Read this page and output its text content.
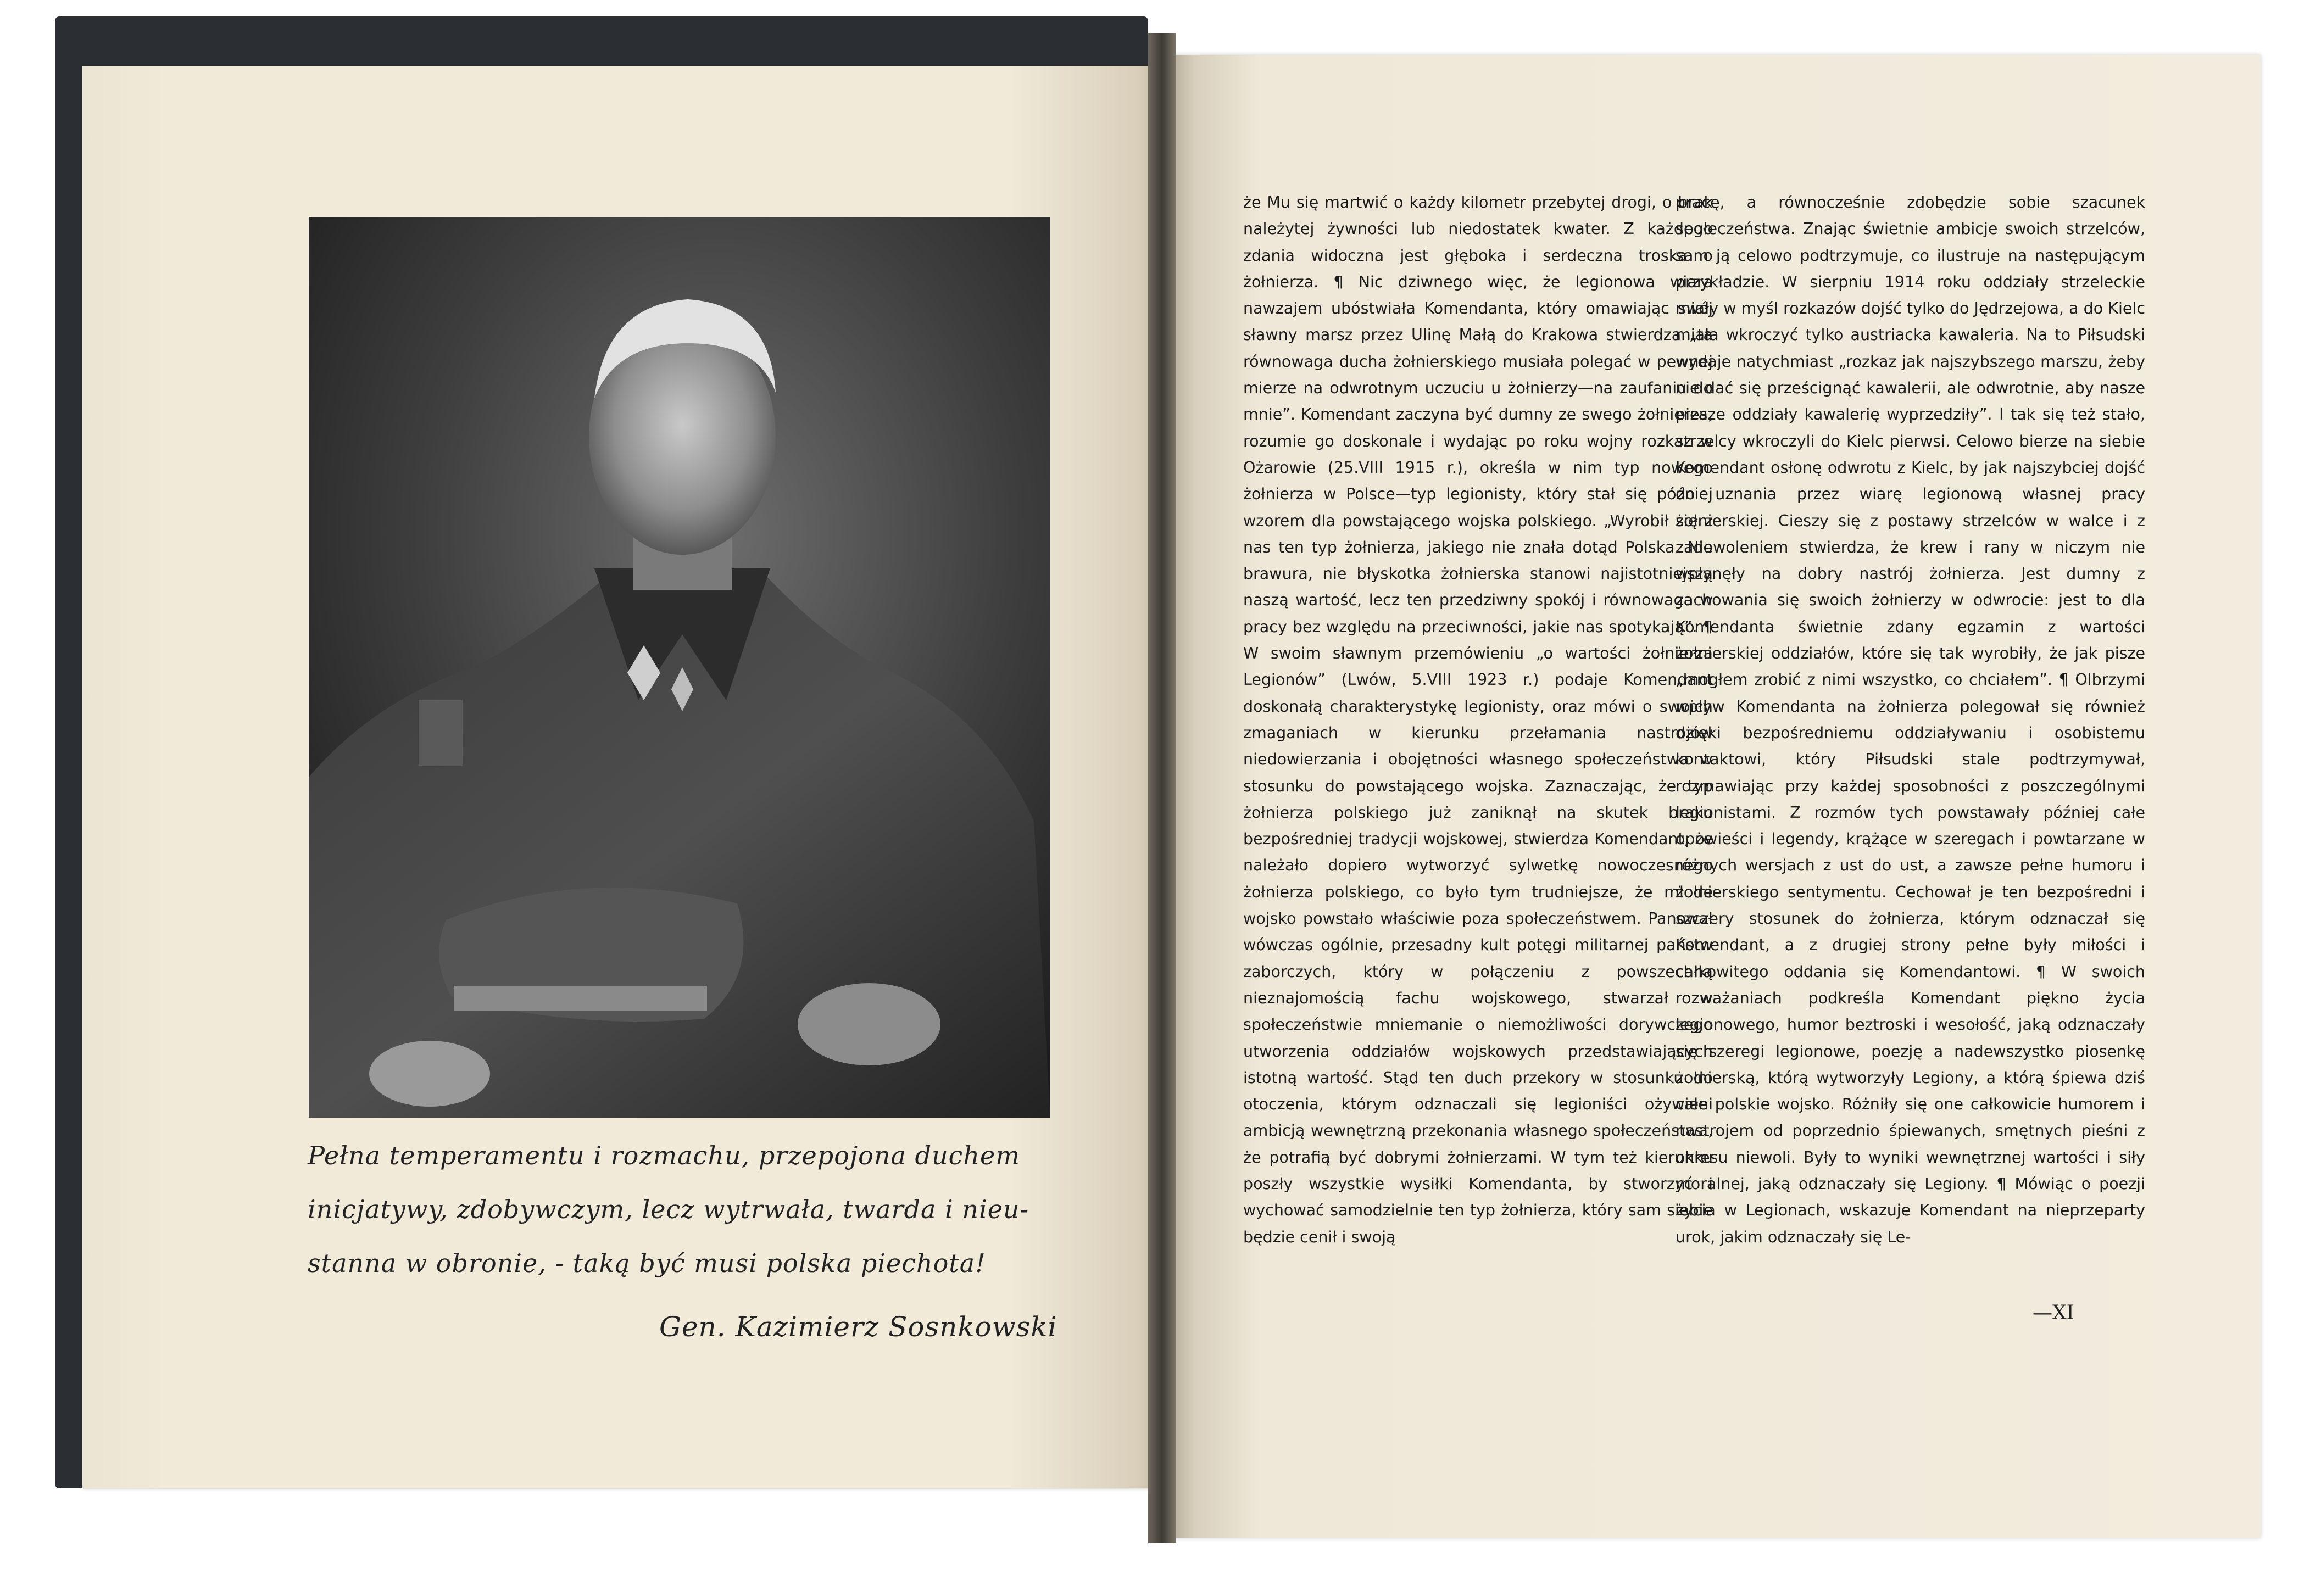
Pełna temperamentu i rozmachu, przepojona duchem
inicjatywy, zdobywczym, lecz wytrwała, twarda i nieu-
stanna w obronie, - taką być musi polska piechota!
Gen. Kazimierz Sosnkowski
że Mu się martwić o każdy kilometr przebytej drogi, o brak należytej żywności lub niedostatek kwater. Z każdego zdania widoczna jest głęboka i serdeczna troska o żołnierza. ¶ Nic dziwnego więc, że legionowa wiara nawzajem ubóstwiała Komendanta, który omawiając swój sławny marsz przez Ulinę Małą do Krakowa stwierdza „ta równowaga ducha żołnierskiego musiała polegać w pewnej mierze na odwrotnym uczuciu u żołnierzy—na zaufaniu do mnie”. Komendant zaczyna być dumny ze swego żołnierza, rozumie go doskonale i wydając po roku wojny rozkaz w Ożarowie (25.VIII 1915 r.), określa w nim typ nowego żołnierza w Polsce—typ legionisty, który stał się później wzorem dla powstającego wojska polskiego. „Wyrobił się z nas ten typ żołnierza, jakiego nie znała dotąd Polska. Nie brawura, nie błyskotka żołnierska stanowi najistotniejszą naszą wartość, lecz ten przedziwny spokój i równowaga w pracy bez względu na przeciwności, jakie nas spotykają”. ¶ W swoim sławnym przemówieniu „o wartości żołnierza Legionów” (Lwów, 5.VIII 1923 r.) podaje Komendant doskonałą charakterystykę legionisty, oraz mówi o swoich zmaganiach w kierunku przełamania nastrojów niedowierzania i obojętności własnego społeczeństwa w stosunku do powstającego wojska. Zaznaczając, że typ żołnierza polskiego już zaniknął na skutek braku bezpośredniej tradycji wojskowej, stwierdza Komendant, że należało dopiero wytworzyć sylwetkę nowoczesnego żołnierza polskiego, co było tym trudniejsze, że młode wojsko powstało właściwie poza społeczeństwem. Panował wówczas ogólnie, przesadny kult potęgi militarnej państw zaborczych, który w połączeniu z powszechną nieznajomością fachu wojskowego, stwarzał w społeczeństwie mniemanie o niemożliwości dorywczego utworzenia oddziałów wojskowych przedstawiających istotną wartość. Stąd ten duch przekory w stosunku do otoczenia, którym odznaczali się legioniści ożywieni ambicją wewnętrzną przekonania własnego społeczeństwa, że potrafią być dobrymi żołnierzami. W tym też kierunku poszły wszystkie wysiłki Komendanta, by stworzyć i wychować samodzielnie ten typ żołnierza, który sam siebie będzie cenił i swoją
pracę, a równocześnie zdobędzie sobie szacunek społeczeństwa. Znając świetnie ambicje swoich strzelców, sam ją celowo podtrzymuje, co ilustruje na następującym przykładzie. W sierpniu 1914 roku oddziały strzeleckie miały w myśl rozkazów dojść tylko do Jędrzejowa, a do Kielc miała wkroczyć tylko austriacka kawaleria. Na to Piłsudski wydaje natychmiast „rozkaz jak najszybszego marszu, żeby nie dać się prześcignąć kawalerii, ale odwrotnie, aby nasze piesze oddziały kawalerię wyprzedziły”. I tak się też stało, strzelcy wkroczyli do Kielc pierwsi. Celowo bierze na siebie Komendant osłonę odwrotu z Kielc, by jak najszybciej dojść do uznania przez wiarę legionową własnej pracy żołnierskiej. Cieszy się z postawy strzelców w walce i z zadowoleniem stwierdza, że krew i rany w niczym nie wpłynęły na dobry nastrój żołnierza. Jest dumny z zachowania się swoich żołnierzy w odwrocie: jest to dla Komendanta świetnie zdany egzamin z wartości żołnierskiej oddziałów, które się tak wyrobiły, że jak pisze „mogłem zrobić z nimi wszystko, co chciałem”. ¶ Olbrzymi wpływ Komendanta na żołnierza polegował się również dzięki bezpośredniemu oddziaływaniu i osobistemu kontaktowi, który Piłsudski stale podtrzymywał, rozmawiając przy każdej sposobności z poszczególnymi legionistami. Z rozmów tych powstawały później całe opowieści i legendy, krążące w szeregach i powtarzane w różnych wersjach z ust do ust, a zawsze pełne humoru i żołnierskiego sentymentu. Cechował je ten bezpośredni i szczery stosunek do żołnierza, którym odznaczał się Komendant, a z drugiej strony pełne były miłości i całkowitego oddania się Komendantowi. ¶ W swoich rozważaniach podkreśla Komendant piękno życia legionowego, humor beztroski i wesołość, jaką odznaczały się szeregi legionowe, poezję a nadewszystko piosenkę żołnierską, którą wytworzyły Legiony, a którą śpiewa dziś całe polskie wojsko. Różniły się one całkowicie humorem i nastrojem od poprzednio śpiewanych, smętnych pieśni z okresu niewoli. Były to wyniki wewnętrznej wartości i siły moralnej, jaką odznaczały się Legiony. ¶ Mówiąc o poezji życia w Legionach, wskazuje Komendant na nieprzeparty urok, jakim odznaczały się Le-
—XI
